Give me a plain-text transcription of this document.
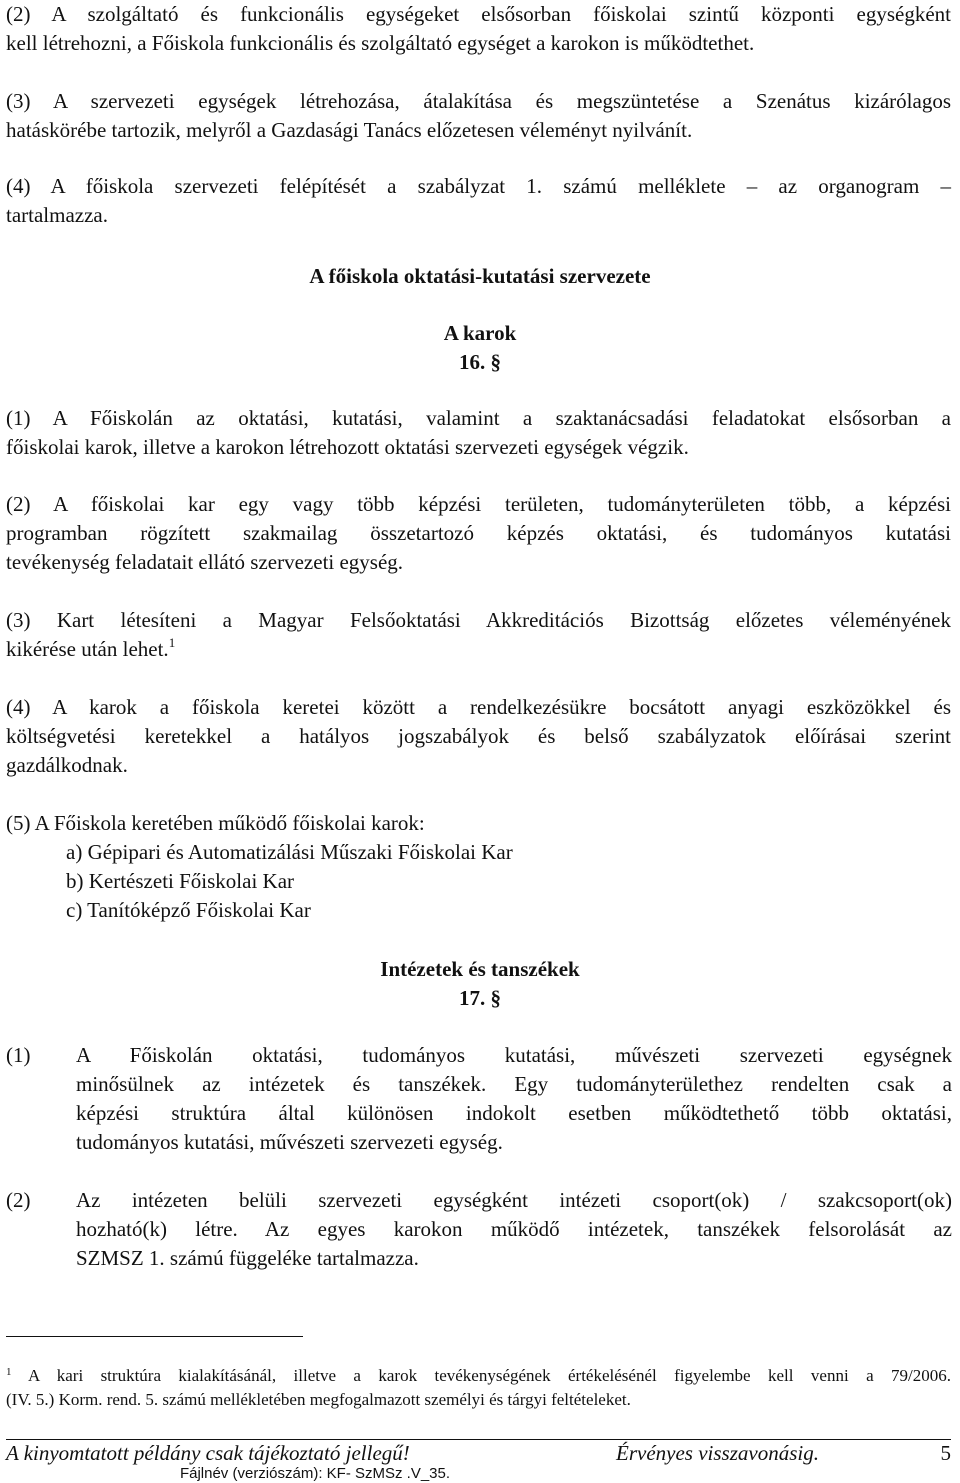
(2) A szolgáltató és funkcionális egységeket elsősorban főiskolai szintű központi egységként
kell létrehozni, a Főiskola funkcionális és szolgáltató egységet a karokon is működtethet.
(3) A szervezeti egységek létrehozása, átalakítása és megszüntetése a Szenátus kizárólagos
hatáskörébe tartozik, melyről a Gazdasági Tanács előzetesen véleményt nyilvánít.
(4) A főiskola szervezeti felépítését a szabályzat 1. számú melléklete – az organogram –
tartalmazza.
A főiskola oktatási-kutatási szervezete
A karok
16. §
(1) A Főiskolán az oktatási, kutatási, valamint a szaktanácsadási feladatokat elsősorban a
főiskolai karok, illetve a karokon létrehozott oktatási szervezeti egységek végzik.
(2) A főiskolai kar egy vagy több képzési területen, tudományterületen több, a képzési
programban rögzített szakmailag összetartozó képzés oktatási, és tudományos kutatási
tevékenység feladatait ellátó szervezeti egység.
(3) Kart létesíteni a Magyar Felsőoktatási Akkreditációs Bizottság előzetes véleményének
kikérése után lehet.$^1$
(4) A karok a főiskola keretei között a rendelkezésükre bocsátott anyagi eszközökkel és
költségvetési keretekkel a hatályos jogszabályok és belső szabályzatok előírásai szerint
gazdálkodnak.
(5) A Főiskola keretében működő főiskolai karok:
a) Gépipari és Automatizálási Műszaki Főiskolai Kar
b) Kertészeti Főiskolai Kar
c) Tanítóképző Főiskolai Kar
Intézetek és tanszékek
17. §
(1) A Főiskolán oktatási, tudományos kutatási, művészeti szervezeti egységnek
minősülnek az intézetek és tanszékek. Egy tudományterülethez rendelten csak a
képzési struktúra által különösen indokolt esetben működtethető több oktatási,
tudományos kutatási, művészeti szervezeti egység.
(2) Az intézeten belüli szervezeti egységként intézeti csoport(ok) / szakcsoport(ok)
hozható(k) létre. Az egyes karokon működő intézetek, tanszékek felsorolását az
SZMSZ 1. számú függeléke tartalmazza.
$^1$ A kari struktúra kialakításánál, illetve a karok tevékenységének értékelésénél figyelembe kell venni a 79/2006.
(IV. 5.) Korm. rend. 5. számú mellékletében megfogalmazott személyi és tárgyi feltételeket.
A kinyomtatott példány csak tájékoztató jellegű!	Érvényes visszavonásig.	5
Fájlnév (verziószám): KF- SzMSz .V_35.
